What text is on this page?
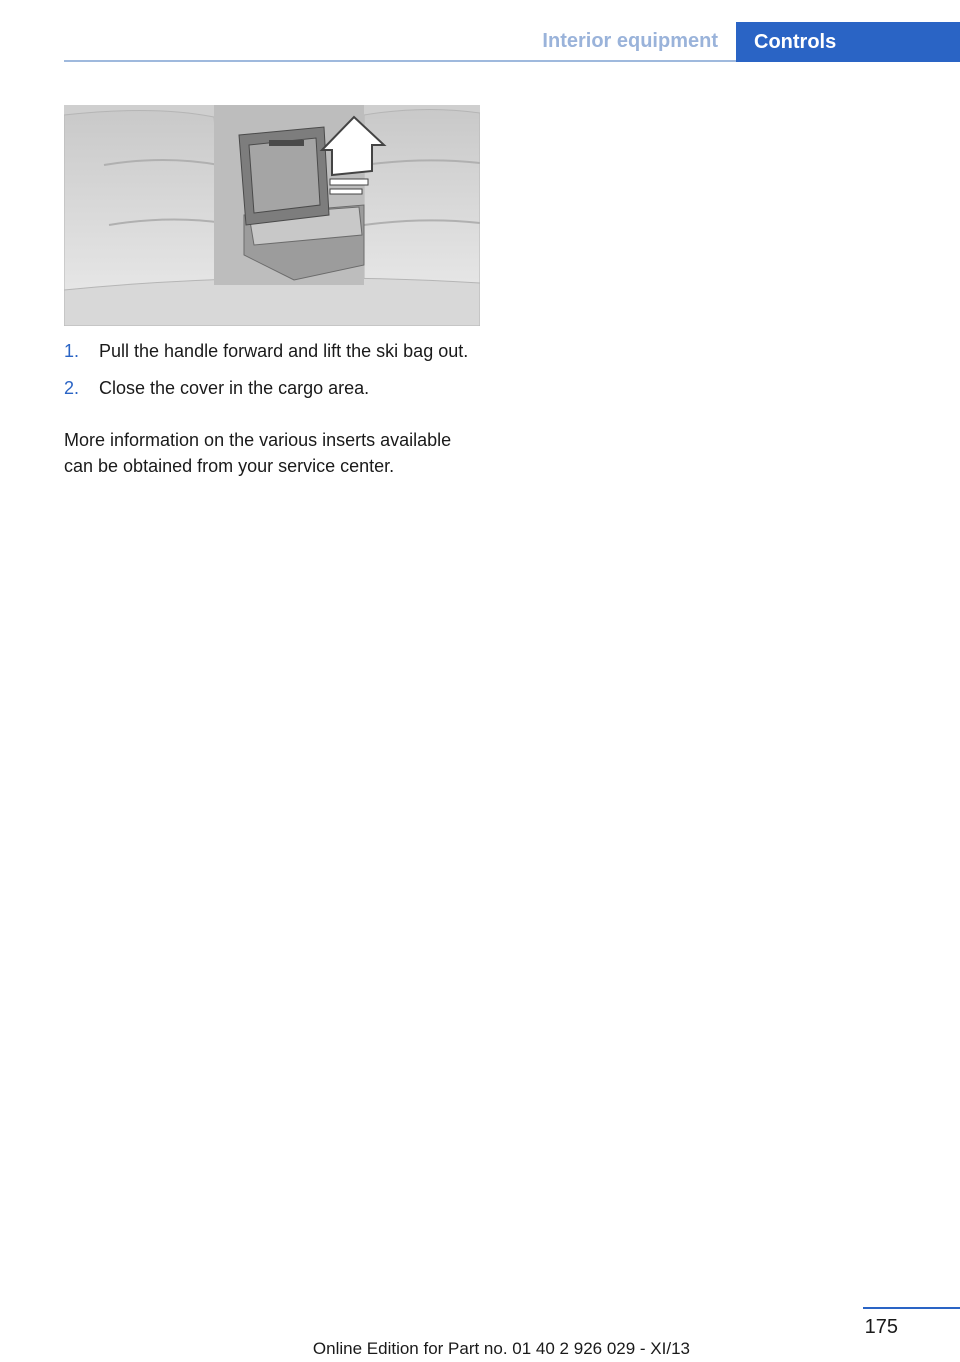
Interior equipment	Controls
1. Pull the handle forward and lift the ski bag out.
2. Close the cover in the cargo area.

More information on the various inserts available can be obtained from your service center.

175
Online Edition for Part no. 01 40 2 926 029 - XI/13
